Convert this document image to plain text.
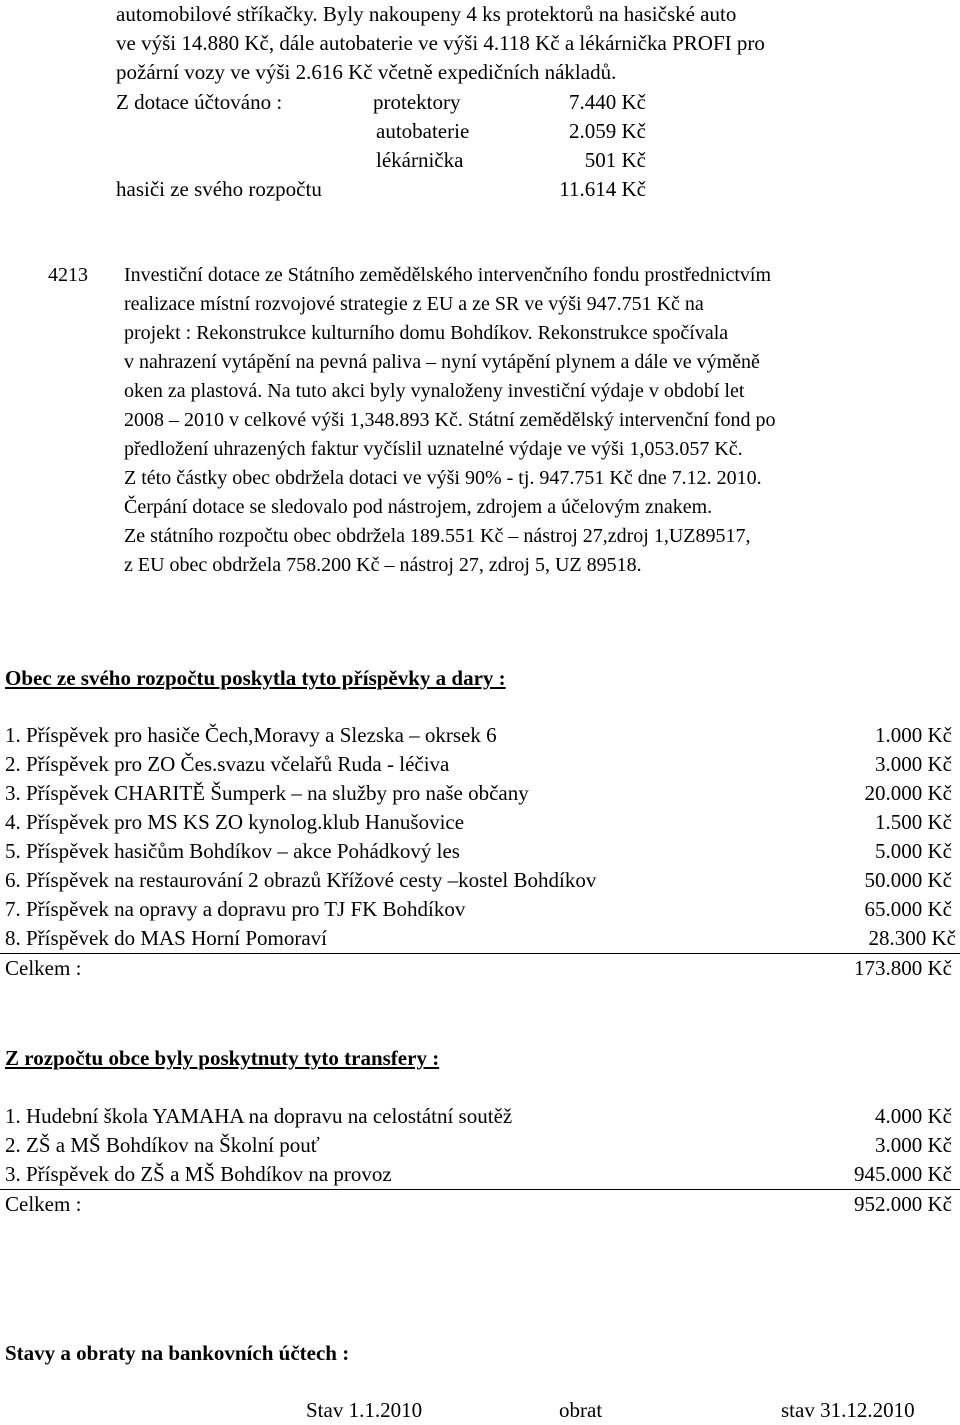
automobilové stříkačky. Byly nakoupeny 4 ks protektorů na hasičské auto
ve výši 14.880 Kč, dále autobaterie ve výši 4.118 Kč a lékárnička PROFI pro
požární vozy ve výši 2.616 Kč včetně expedičních nákladů.
Z dotace účtováno :	protektory	7.440 Kč
autobaterie	2.059 Kč
lékárnička	501 Kč
hasiči ze svého rozpočtu	11.614 Kč
4213 Investiční dotace ze Státního zemědělského intervenčního fondu prostřednictvím
realizace místní rozvojové strategie z EU a ze SR ve výši 947.751 Kč na
projekt : Rekonstrukce kulturního domu Bohdíkov. Rekonstrukce spočívala
v nahrazení vytápění na pevná paliva – nyní vytápění plynem a dále ve výměně
oken za plastová. Na tuto akci byly vynaloženy investiční výdaje v období let
2008 – 2010 v celkové výši 1,348.893 Kč. Státní zemědělský intervenční fond po
předložení uhrazených faktur vyčíslil uznatelné výdaje ve výši 1,053.057 Kč.
Z této částky obec obdržela dotaci ve výši 90% - tj. 947.751 Kč dne 7.12. 2010.
Čerpání dotace se sledovalo pod nástrojem, zdrojem a účelovým znakem.
Ze státního rozpočtu obec obdržela 189.551 Kč – nástroj 27,zdroj 1,UZ89517,
z EU obec obdržela 758.200 Kč – nástroj 27, zdroj 5, UZ 89518.
Obec ze svého rozpočtu poskytla tyto příspěvky a dary :
1. Příspěvek pro hasiče Čech,Moravy a Slezska – okrsek 6	1.000 Kč
2. Příspěvek pro ZO Čes.svazu včelařů Ruda - léčiva	3.000 Kč
3. Příspěvek CHARITĚ Šumperk – na služby pro naše občany	20.000 Kč
4. Příspěvek pro MS KS ZO kynolog.klub Hanušovice	1.500 Kč
5. Příspěvek hasičům Bohdíkov – akce Pohádkový les	5.000 Kč
6. Příspěvek na restaurování 2 obrazů Křížové cesty –kostel Bohdíkov	50.000 Kč
7. Příspěvek na opravy a dopravu pro TJ FK Bohdíkov	65.000 Kč
8. Příspěvek do MAS Horní Pomoraví	28.300 Kč
Celkem :	173.800 Kč
Z rozpočtu obce byly poskytnuty tyto transfery :
1. Hudební škola YAMAHA na dopravu na celostátní soutěž	4.000 Kč
2. ZŠ a MŠ Bohdíkov na Školní pouť	3.000 Kč
3. Příspěvek do ZŠ a MŠ Bohdíkov na provoz	945.000 Kč
Celkem :	952.000 Kč
Stavy a obraty na bankovních účtech :
Stav 1.1.2010	obrat	stav 31.12.2010
